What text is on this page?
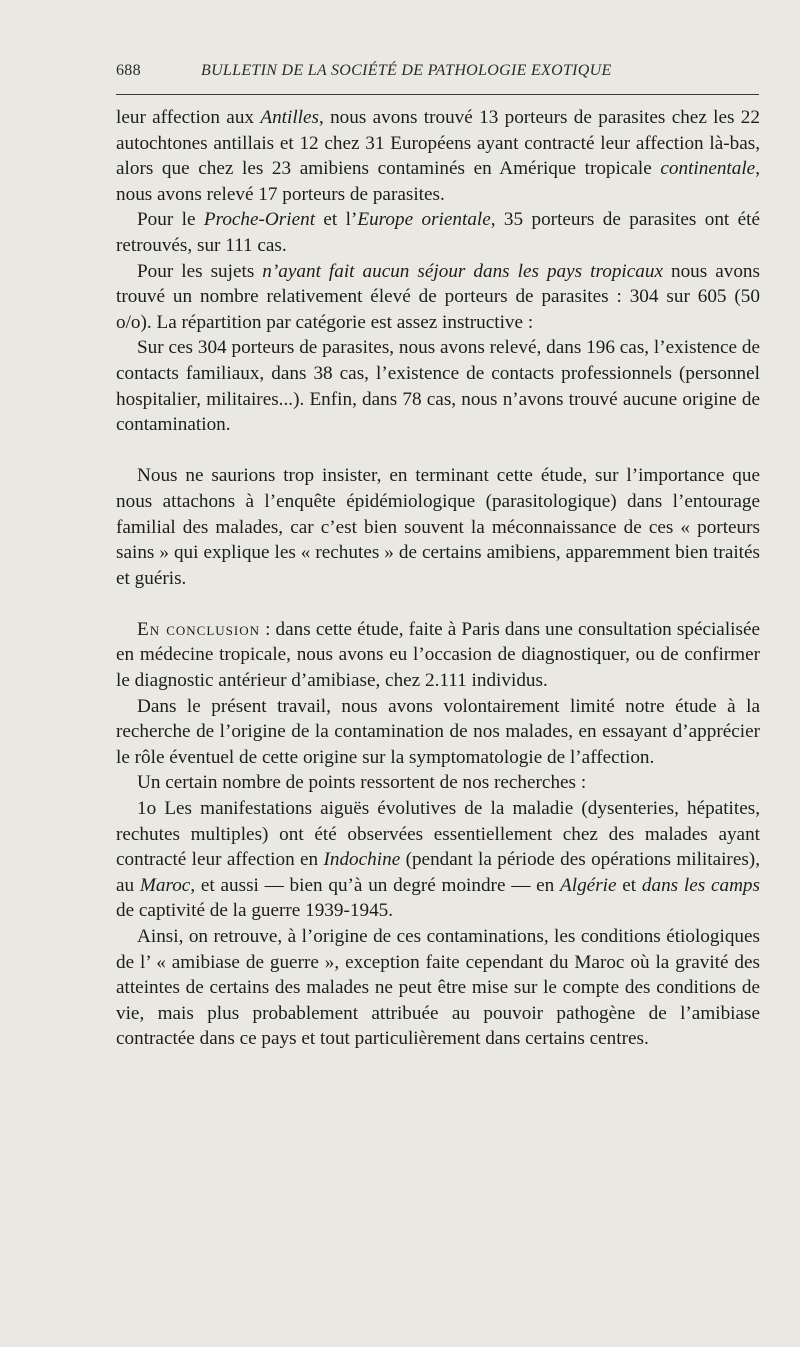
688	BULLETIN DE LA SOCIÉTÉ DE PATHOLOGIE EXOTIQUE

leur affection aux Antilles, nous avons trouvé 13 porteurs de parasites chez les 22 autochtones antillais et 12 chez 31 Européens ayant contracté leur affection là-bas, alors que chez les 23 amibiens contaminés en Amérique tropicale continentale, nous avons relevé 17 porteurs de parasites.

Pour le Proche-Orient et l’Europe orientale, 35 porteurs de parasites ont été retrouvés, sur 111 cas.

Pour les sujets n’ayant fait aucun séjour dans les pays tropicaux nous avons trouvé un nombre relativement élevé de porteurs de parasites : 304 sur 605 (50 o/o). La répartition par catégorie est assez instructive :

Sur ces 304 porteurs de parasites, nous avons relevé, dans 196 cas, l’existence de contacts familiaux, dans 38 cas, l’existence de contacts professionnels (personnel hospitalier, militaires...). Enfin, dans 78 cas, nous n’avons trouvé aucune origine de contamination.

Nous ne saurions trop insister, en terminant cette étude, sur l’importance que nous attachons à l’enquête épidémiologique (parasitologique) dans l’entourage familial des malades, car c’est bien souvent la méconnaissance de ces « porteurs sains » qui explique les « rechutes » de certains amibiens, apparemment bien traités et guéris.

En conclusion : dans cette étude, faite à Paris dans une consultation spécialisée en médecine tropicale, nous avons eu l’occasion de diagnostiquer, ou de confirmer le diagnostic antérieur d’amibiase, chez 2.111 individus.

Dans le présent travail, nous avons volontairement limité notre étude à la recherche de l’origine de la contamination de nos malades, en essayant d’apprécier le rôle éventuel de cette origine sur la symptomatologie de l’affection.

Un certain nombre de points ressortent de nos recherches :

1o Les manifestations aiguës évolutives de la maladie (dysenteries, hépatites, rechutes multiples) ont été observées essentiellement chez des malades ayant contracté leur affection en Indochine (pendant la période des opérations militaires), au Maroc, et aussi — bien qu’à un degré moindre — en Algérie et dans les camps de captivité de la guerre 1939-1945.

Ainsi, on retrouve, à l’origine de ces contaminations, les conditions étiologiques de l’ « amibiase de guerre », exception faite cependant du Maroc où la gravité des atteintes de certains des malades ne peut être mise sur le compte des conditions de vie, mais plus probablement attribuée au pouvoir pathogène de l’amibiase contractée dans ce pays et tout particulièrement dans certains centres.
